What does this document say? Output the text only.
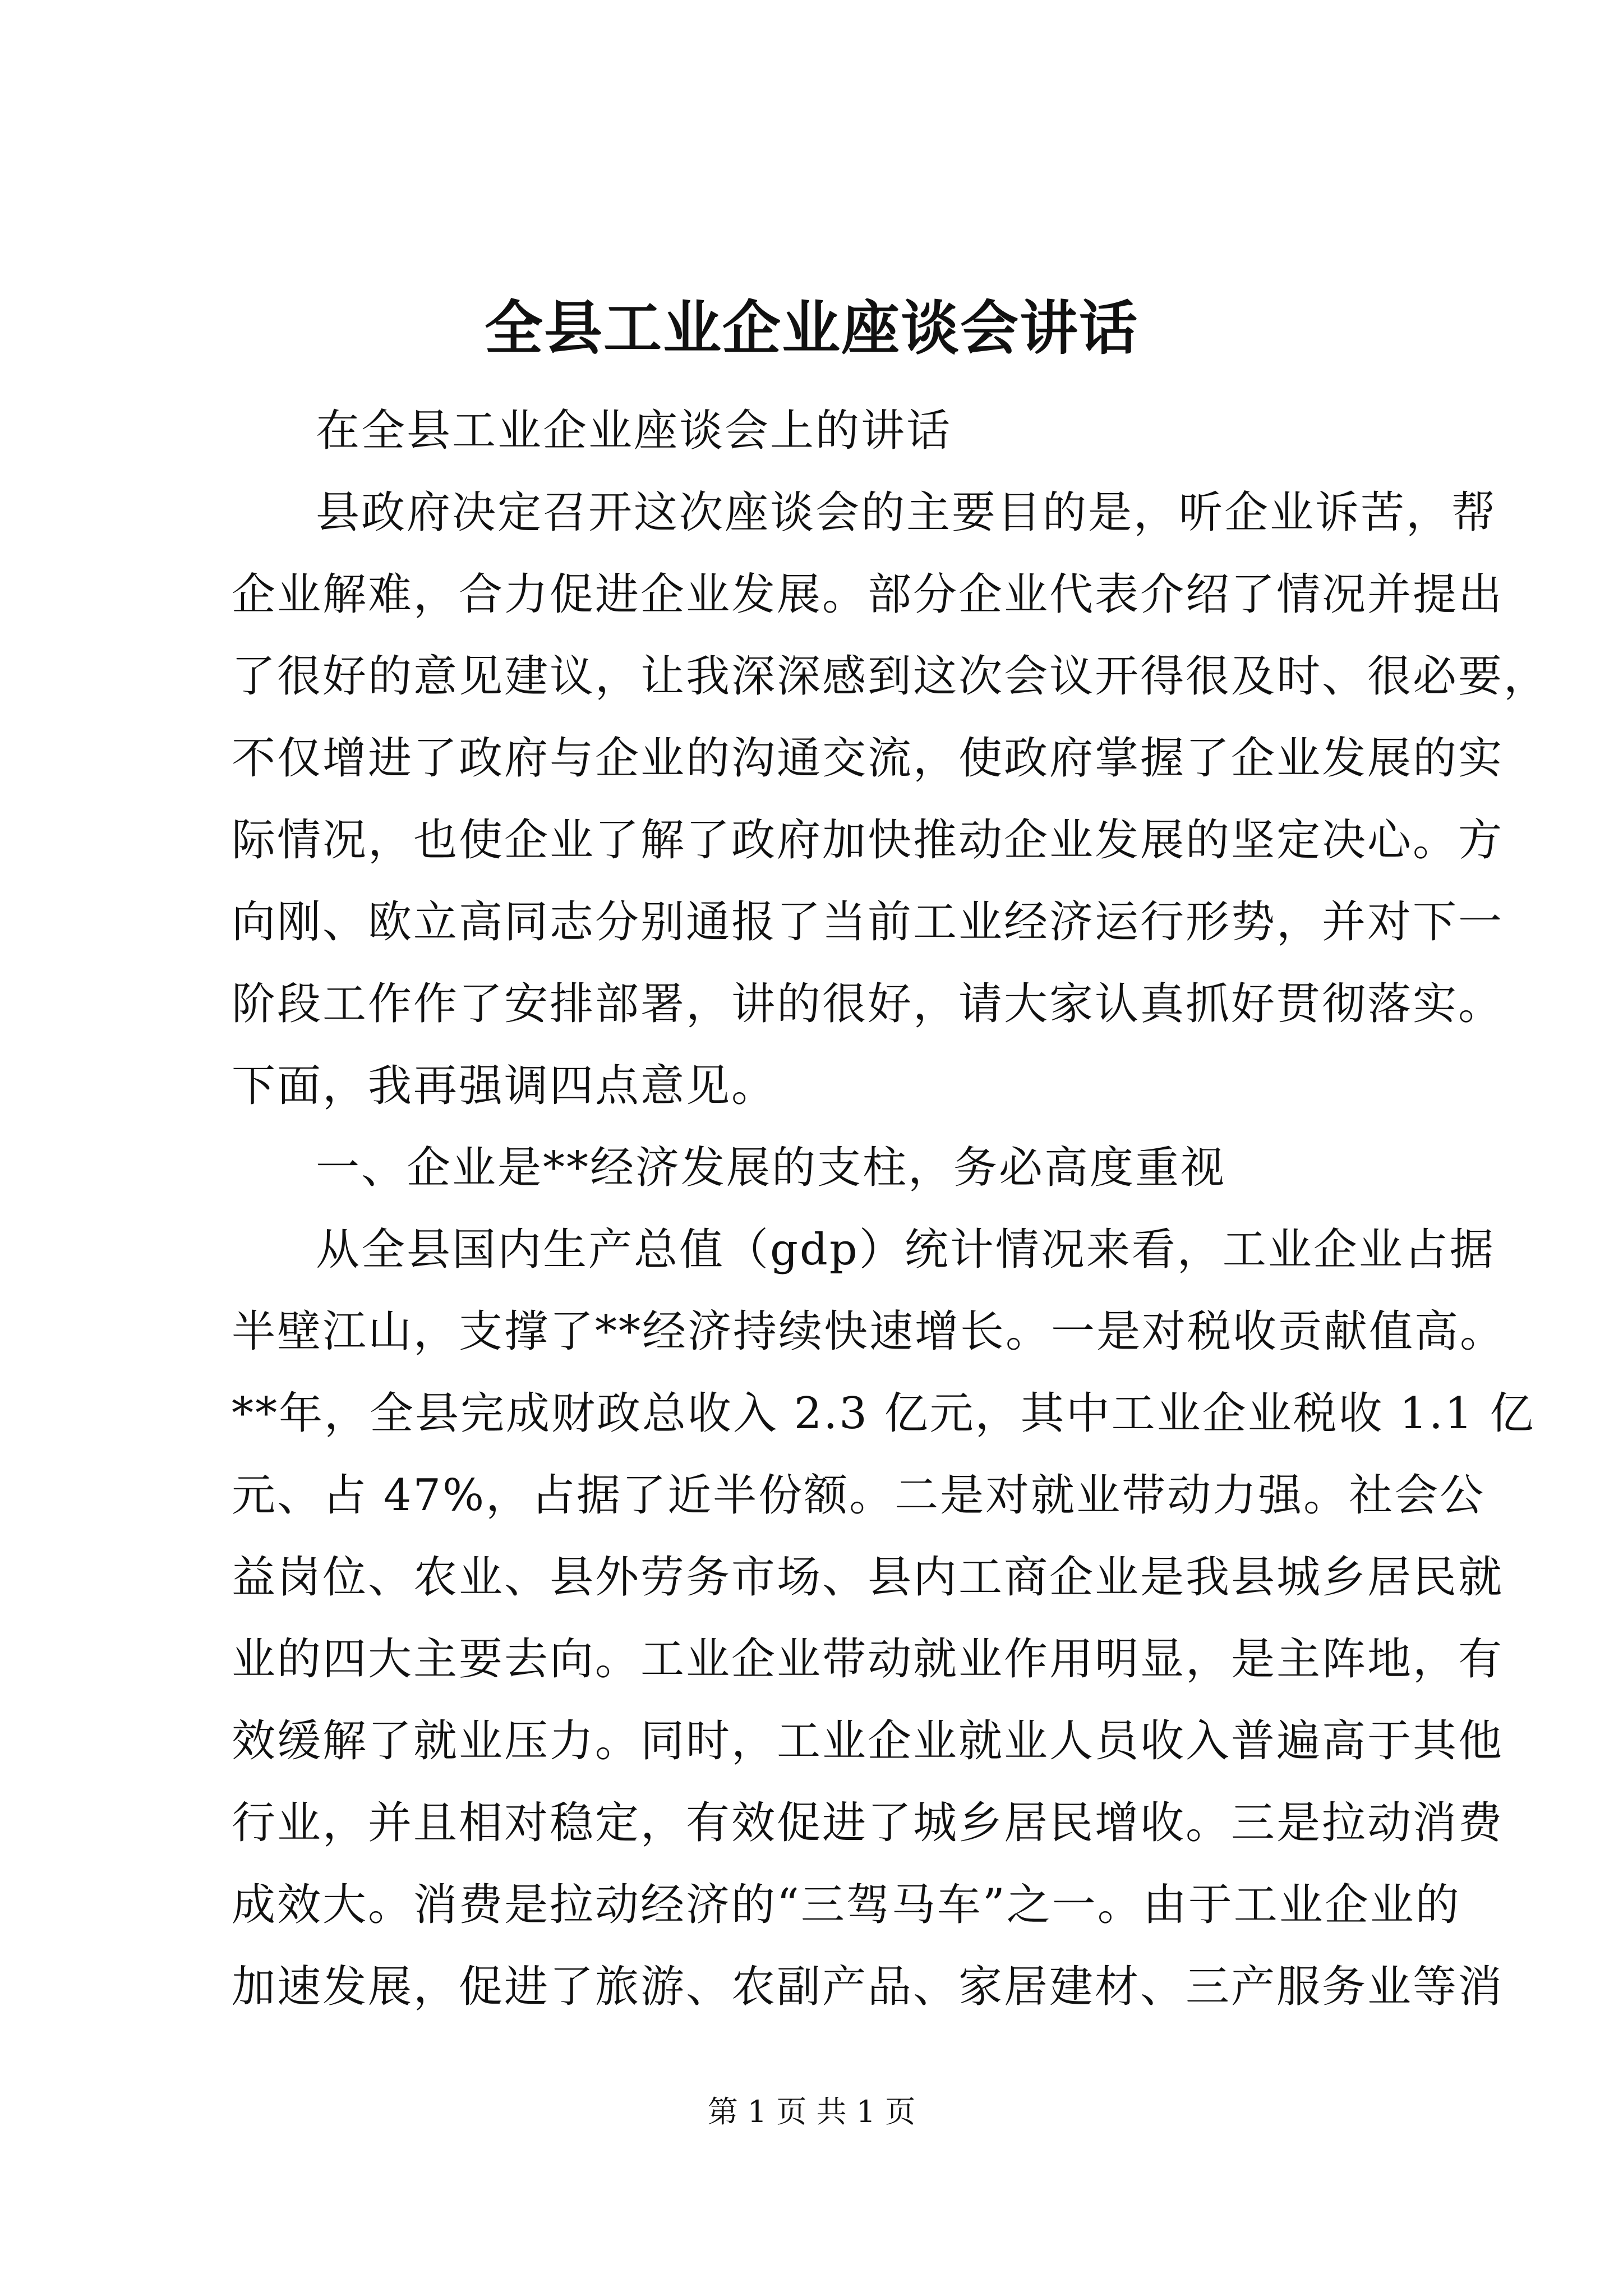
全县工业企业座谈会讲话
在全县工业企业座谈会上的讲话
县政府决定召开这次座谈会的主要目的是，听企业诉苦，帮
企业解难，合力促进企业发展。部分企业代表介绍了情况并提出
了很好的意见建议，让我深深感到这次会议开得很及时、很必要，
不仅增进了政府与企业的沟通交流，使政府掌握了企业发展的实
际情况，也使企业了解了政府加快推动企业发展的坚定决心。方
向刚、欧立高同志分别通报了当前工业经济运行形势，并对下一
阶段工作作了安排部署，讲的很好，请大家认真抓好贯彻落实。
下面，我再强调四点意见。
一、企业是**经济发展的支柱，务必高度重视
从全县国内生产总值（gdp）统计情况来看，工业企业占据
半壁江山，支撑了**经济持续快速增长。一是对税收贡献值高。
**年，全县完成财政总收入 2.3 亿元，其中工业企业税收 1.1 亿
元、占 47%，占据了近半份额。二是对就业带动力强。社会公
益岗位、农业、县外劳务市场、县内工商企业是我县城乡居民就
业的四大主要去向。工业企业带动就业作用明显，是主阵地，有
效缓解了就业压力。同时，工业企业就业人员收入普遍高于其他
行业，并且相对稳定，有效促进了城乡居民增收。三是拉动消费
成效大。消费是拉动经济的“三驾马车”之一。由于工业企业的
加速发展，促进了旅游、农副产品、家居建材、三产服务业等消
第 1 页 共 1 页
